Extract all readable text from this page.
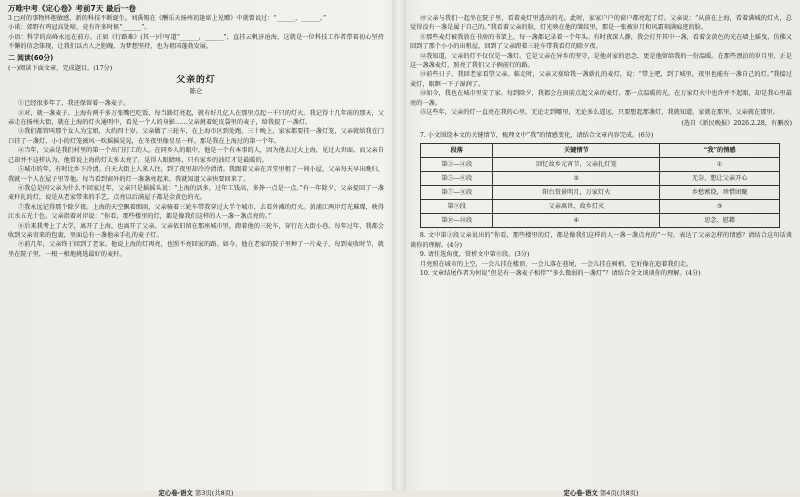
万唯中考《定心卷》考前7天 最后一卷

3 □对的事物怀抱敏感，新的科技不断诞生。刘禹锡在《酬乐天扬州初逢席上见赠》中就曾说过：“______，______。”

小诺：郊野有鸡冠高处啼，竟有许多时候“______”。

小语：科学的高峰永远在前方。正如《行路难》(其一)中写道“______，______”，直挂云帆济沧海，这就是一位科技工作者带着初心坚持不懈的信念体现，让我们以古人之胆魄、为梦想坚持，也为祖国蓬勃发展。

二 阅读(60分)

(一)阅读下面文章，完成题目。(17分)

父亲的灯
陈仑

①已经很多年了，我还保留着一盏麦子。

②对，就一盏麦子。上海有两千多万张嘴巴吃饭，每当路灯亮起，就有好几亿人在那里点起一千只的灯火。我记得十几年前的那天，父亲走在扬州大街，就在上海的灯火通明中，看见一个人的身影……父亲挑着蛇皮袋里的麦子，给我提了一盏灯。

③我们都管叫那个女人为宝姐，大约四十岁。父亲做了三轮车，在上海市区到处跑。三十晚上，家家都要挂一盏灯笼，父亲就给我在门口挂了一盏灯，小小的灯笼被风一吹摇摇晃晃，在冬夜里像星星一样。那是我在上海过的第一个年。

④当年，父亲是我们村里的第一个出门打工的人。在同乡人的眼中，他是一个有本事的人，因为他去过大上海，见过大世面。而父亲自己却并不这样认为，他常说上海的灯太多太亮了，晃得人眼睛疼，只有家乡的油灯才是最暖的。

⑤城市的年，有时比乡下冷清。白天大街上人来人往，到了夜里却冷冷清清。我跟着父亲在弄堂里租了一间小屋，父亲每天早出晚归，我就一个人在屋子里等他。每当看到窗外的灯一盏盏亮起来，我就知道父亲快要回来了。

⑥我总是问父亲为什么不回家过年，父亲只是摇摇头说：“上海的活多，过年工钱高，多挣一点是一点。”有一年除夕，父亲提回了一盏麦秆扎的灯，说是从老家带来的手艺，点亮以后满屋子都是金黄色的光。

⑦我永远记得那个除夕夜。上海的天空飘着细雨，父亲骑着三轮车带我穿过大半个城市，去看外滩的灯火。黄浦江两岸灯光璀璨，映得江水五光十色。父亲指着对岸说：“你看，那些楼里的灯，都是像我们这样的人一盏一盏点亮的。”

⑧后来我考上了大学，离开了上海，也离开了父亲。父亲依旧留在那座城市里，蹬着他的三轮车，穿行在大街小巷。每年过年，我都会收到父亲寄来的包裹，里面总有一盏他亲手扎的麦子灯。

⑨前几年，父亲终于回到了老家。他说上海的灯再亮，也照不亮回家的路。如今，他在老家的院子里种了一片麦子，每到麦收时节，就坐在院子里，一根一根地挑选最好的麦秆。

⑩父亲与我们一起坐在院子里，看着麦灯里透出的光。此时，家家户户的窗户都亮起了灯。父亲说：“从前在上海，看着满城的灯火，总觉得没有一盏是属于自己的。”我看着父亲的脸，灯光映在他的皱纹里，那是一张被岁月和风霜刻满痕迹的脸。

⑪那些麦灯被我放在书房的书架上，每一盏都记录着一个年头。有时夜深人静，我会打开其中一盏，看着金黄色的光在墙上摇曳，仿佛又回到了那个小小的出租屋，回到了父亲蹬着三轮车带我看灯的除夕夜。

⑫我知道，父亲的灯不仅仅是一盏灯。它是父亲在异乡的坚守，是他对家的思念，更是他留给我的一份温暖。在那些漂泊的岁月里，正是这一盏盏麦灯，照亮了我们父子俩前行的路。

⑬前些日子，我回老家看望父亲。临走时，父亲又塞给我一盏新扎的麦灯，说：“带上吧，到了城里，夜里也能有一盏自己的灯。”我接过麦灯，眼眶一下子湿润了。

⑭如今，我也在城市里安了家。每到除夕，我都会在窗前点起父亲的麦灯。那一点温暖的光，在万家灯火中也许并不起眼，却是我心里最亮的一盏。

⑮这些年，父亲的灯一直亮在我的心里。无论走到哪里，无论多么遥远，只要想起那盏灯，我就知道，家就在那里，父亲就在那里。

(选自《新民晚报》2026.2.28，有删改)

7. 小文围绕本文的关键情节，梳理文中“我”的情感变化，请结合文章内容完成。(6分)

段落	关键情节	“我”的情感
第③—④段	回忆故乡元宵节，父亲扎灯笼	①
第⑤—⑥段	②	无奈、想让父亲开心
第⑦—⑧段	阳台赏景明月，万家灯火	乡愁萦绕，珍惜团聚
第⑨段	父亲离世，故乡灯灭	③
第⑩—⑭段	④	思念、慰藉

8. 文中第③段父亲说出的“你看，那些楼里的灯，都是像我们这样的人一盏一盏点亮的”一句，表达了父亲怎样的情感？请结合这句话谈谈你的理解。(4分)

9. 请任选角度，赏析文中第⑪段。(3分)

月亮照在城市的上空，一会儿挂在楼顶，一会儿落在巷尾，一会儿挂在树梢，它好像在追着我们走。

10. 文章结尾作者为何说“但是有一盏麦子相伴”“多么微弱的一盏灯”？请结合全文谈谈你的理解。(4分)

定心卷·语文 第3页(共8页)	定心卷·语文 第4页(共8页)
